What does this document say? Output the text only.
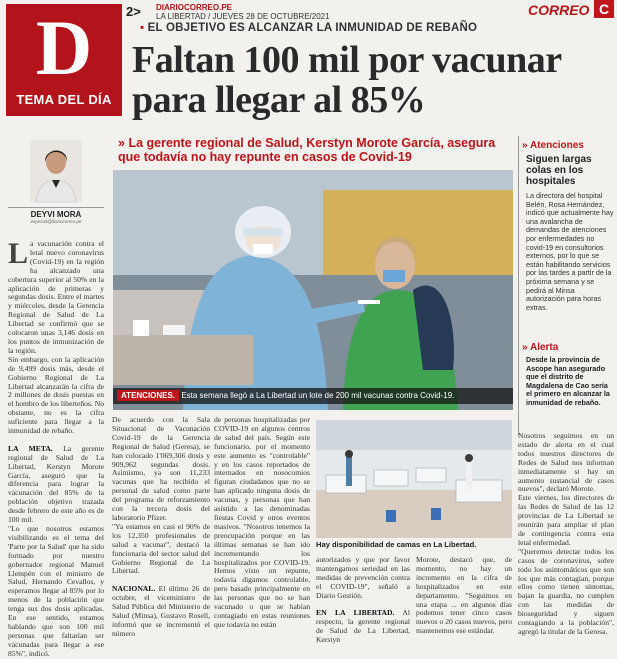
D
TEMA DEL DÍA
2> DIARIOCORREO.PE
LA LIBERTAD / JUEVES 28 DE OCTUBRE/2021	CORREO C
▪ EL OBJETIVO ES ALCANZAR LA INMUNIDAD DE REBAÑO
Faltan 100 mil por vacunar para llegar al 85%
DEYVI MORA
especial@diariocorreo.pe
» La gerente regional de Salud, Kerstyn Morote García, asegura que todavía no hay repunte en casos de Covid-19
La vacunación contra el letal nuevo coronavirus (Covid-19) en la región ha alcanzado una cobertura superior al 50% en la aplicación de primeras y segundas dosis. Entre el martes y miércoles, desde la Gerencia Regional de Salud de La Libertad se confirmó que se colocaron unas 3,146 dosis en los puntos de inmunización de la región.
Sin embargo, con la aplicación de 9,499 dosis más, desde el Gobierno Regional de La Libertad alcanzarán la cifra de 2 millones de dosis puestas en el hombro de los liberteños. No obstante, no es la cifra suficiente para llegar a la inmunidad de rebaño.

LA META. La gerente regional de Salud de La Libertad, Kerstyn Morote García, aseguró que la diferencia para lograr la vacunación del 85% de la población objetivo trazada desde febrero de este año es de 100 mil.
"Lo que nosotros estamos visibilizando es el tema del 'Parte por la Salud' que ha sido formado por nuestro gobernador regional Manuel Llempén con el ministro de Salud, Hernando Cevallos, y esperamos llegar al 85% por lo menos de la población que tenga sus dos dosis aplicadas. En ese sentido, estamos hablando que son 100 mil personas que faltarían ser vacunadas para llegar a ese 85%", indicó.
ATENCIONES. Esta semana llegó a La Libertad un lote de 200 mil vacunas contra Covid-19.
De acuerdo con la Sala Situacional de Vacunación Covid-19 de la Gerencia Regional de Salud (Geresa), se han colocado 1'069,306 dosis y 909,962 segundas dosis. Asimismo, ya son 11,233 vacunas que ha recibido el personal de salud como parte del programa de reforzamiento con la tercera dosis del laboratorio Pfizer.
"Ya estamos en casi el 90% de los 12,350 profesionales de salud a vacunar", destacó la funcionaria del sector salud del Gobierno Regional de La Libertad.

NACIONAL. El último 26 de octubre, el viceministro de Salud Pública del Ministerio de Salud (Minsa), Gustavo Rosell, informó que se incrementó el número
de personas hospitalizadas por COVID-19 en algunos centros de salud del país. Según este funcionario, por el momento este aumento es "controlable" y en los casos reportados de internados en nosocomios figuran ciudadanos que no se han aplicado ninguna dosis de vacunas, y personas que han asistido a las denominadas fiestas Covid y otros eventos masivos. "Nosotros tenemos la preocupación porque en las últimas semanas se han ido incrementando los hospitalizados por COVID-19. Hemos visto un repunte, todavía digamos controlable, pero basado principalmente en las personas que no se han vacunado o que se habían contagiado en estas reuniones que todavía no están
Hay disponibilidad de camas en La Libertad.
autorizados y que por favor mantengamos seriedad en las medidas de prevención contra el COVID-19", señaló a Diario Gestión.

EN LA LIBERTAD. Al respecto, la gerente regional de Salud de La Libertad, Kerstyn
Morote, destacó que, de momento, no hay un incremento en la cifra de hospitalizados en este departamento. "Seguimos en una etapa ... en algunos días podemos tener cinco casos nuevos o 20 casos nuevos, pero mantenemos ese estándar.
» Atenciones
Siguen largas colas en los hospitales
La directora del hospital Belén, Rosa Hernández, indicó que actualmente hay una avalancha de demandas de atenciones por enfermedades no covid-19 en consultorios externos, por lo que se están habilitando servicios por las tardes a partir de la próxima semana y se pedirá al Minsa autorización para horas extras.
» Alerta
Desde la provincia de Ascope han asegurado que el distrito de Magdalena de Cao sería el primero en alcanzar la inmunidad de rebaño.
Nosotros seguimos en un estado de alerta en el cual todos nuestros directores de Redes de Salud nos informan inmediatamente si hay un aumento sustancial de casos nuevos", declaró Morote.
Este viernes, los directores de las Redes de Salud de las 12 provincias de La Libertad se reunirán para ampliar el plan de contingencia contra esta letal enfermedad.
"Queremos detectar todos los casos de coronavirus, sobre todo los asintomáticos que son los que más contagian, porque ellos como tienen síntomas, bajan la guardia, no cumplen con las medidas de bioseguridad y siguen contagiando a la población", agregó la titular de la Geresa.
